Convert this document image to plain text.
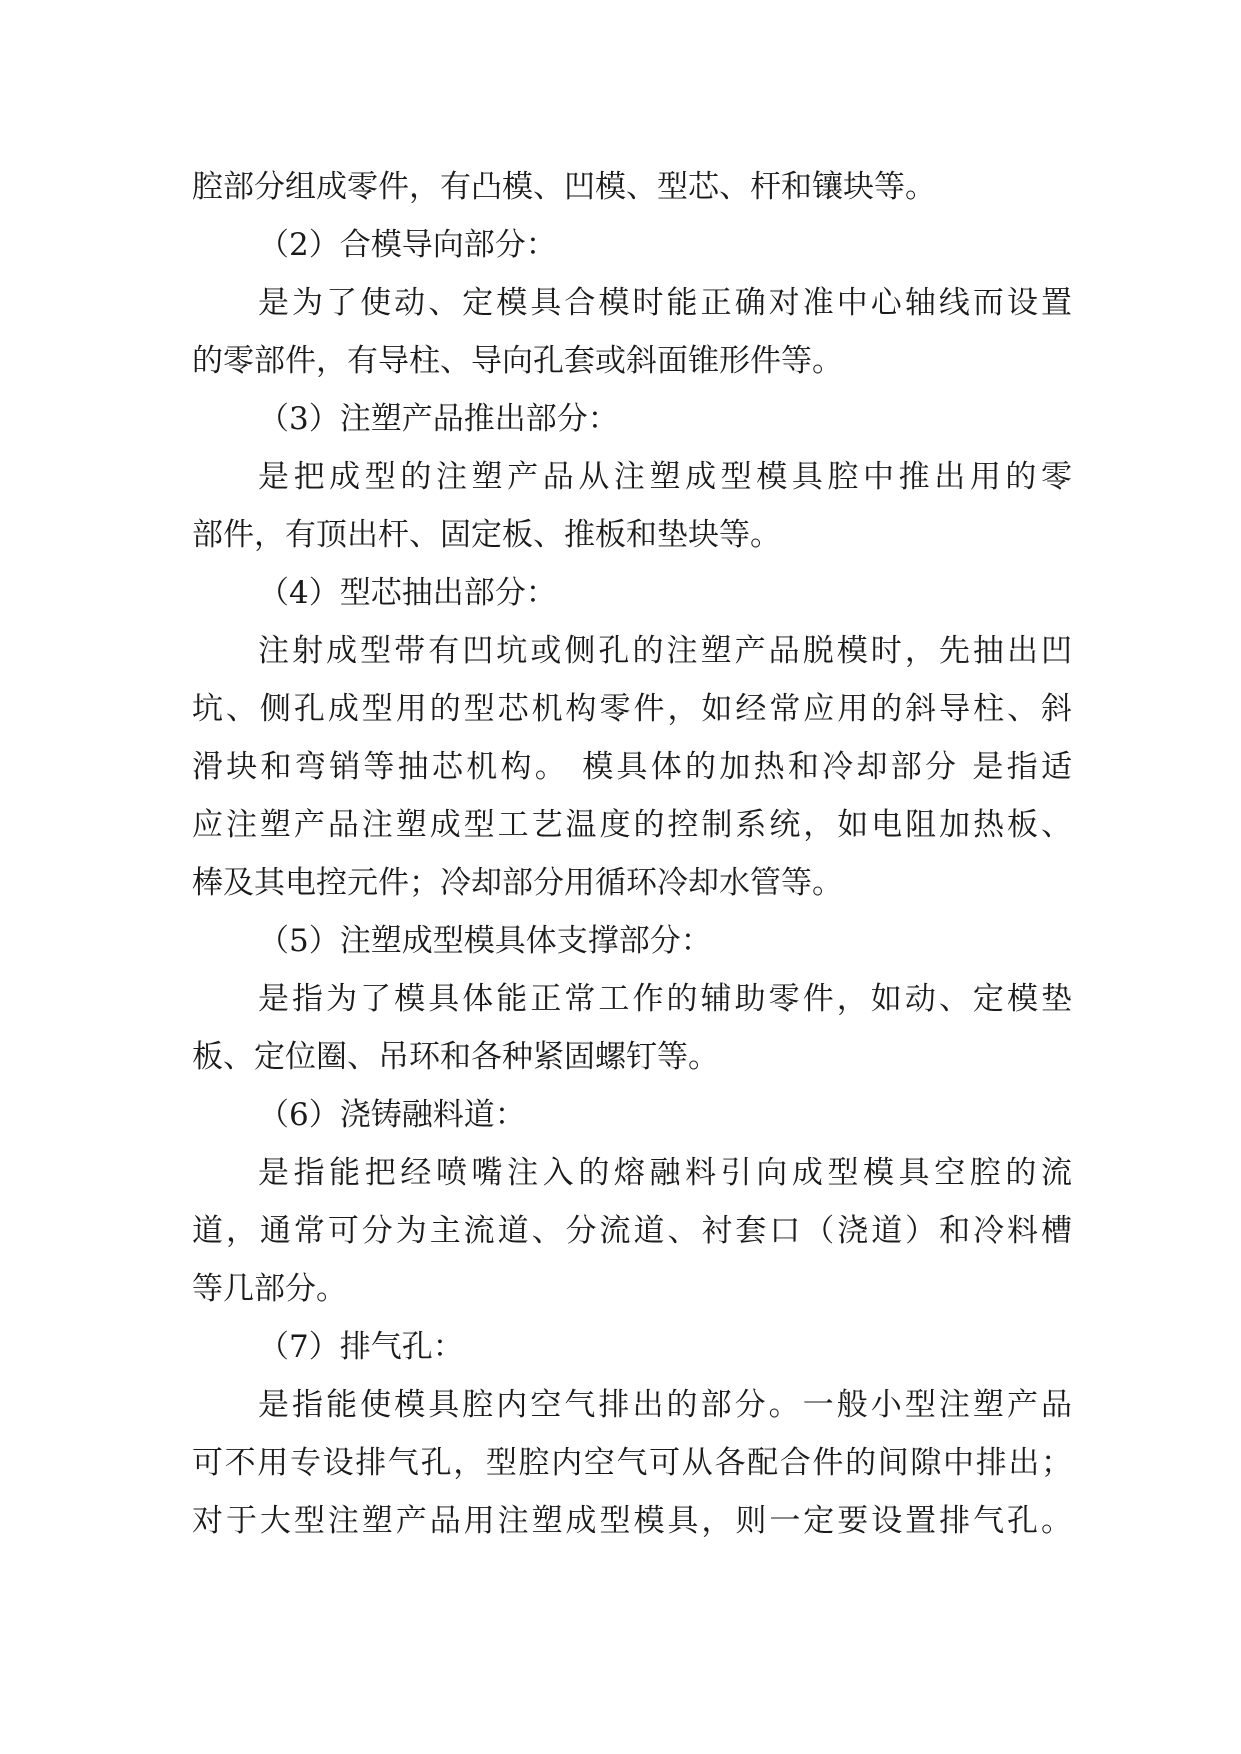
腔部分组成零件，有凸模、凹模、型芯、杆和镶块等。
（2）合模导向部分：
是为了使动、定模具合模时能正确对准中心轴线而设置
的零部件，有导柱、导向孔套或斜面锥形件等。
（3）注塑产品推出部分：
是把成型的注塑产品从注塑成型模具腔中推出用的零
部件，有顶出杆、固定板、推板和垫块等。
（4）型芯抽出部分：
注射成型带有凹坑或侧孔的注塑产品脱模时，先抽出凹
坑、侧孔成型用的型芯机构零件，如经常应用的斜导柱、斜
滑块和弯销等抽芯机构。 模具体的加热和冷却部分 是指适
应注塑产品注塑成型工艺温度的控制系统，如电阻加热板、
棒及其电控元件；冷却部分用循环冷却水管等。
（5）注塑成型模具体支撑部分：
是指为了模具体能正常工作的辅助零件，如动、定模垫
板、定位圈、吊环和各种紧固螺钉等。
（6）浇铸融料道：
是指能把经喷嘴注入的熔融料引向成型模具空腔的流
道，通常可分为主流道、分流道、衬套口（浇道）和冷料槽
等几部分。
（7）排气孔：
是指能使模具腔内空气排出的部分。一般小型注塑产品
可不用专设排气孔，型腔内空气可从各配合件的间隙中排出；
对于大型注塑产品用注塑成型模具，则一定要设置排气孔。
